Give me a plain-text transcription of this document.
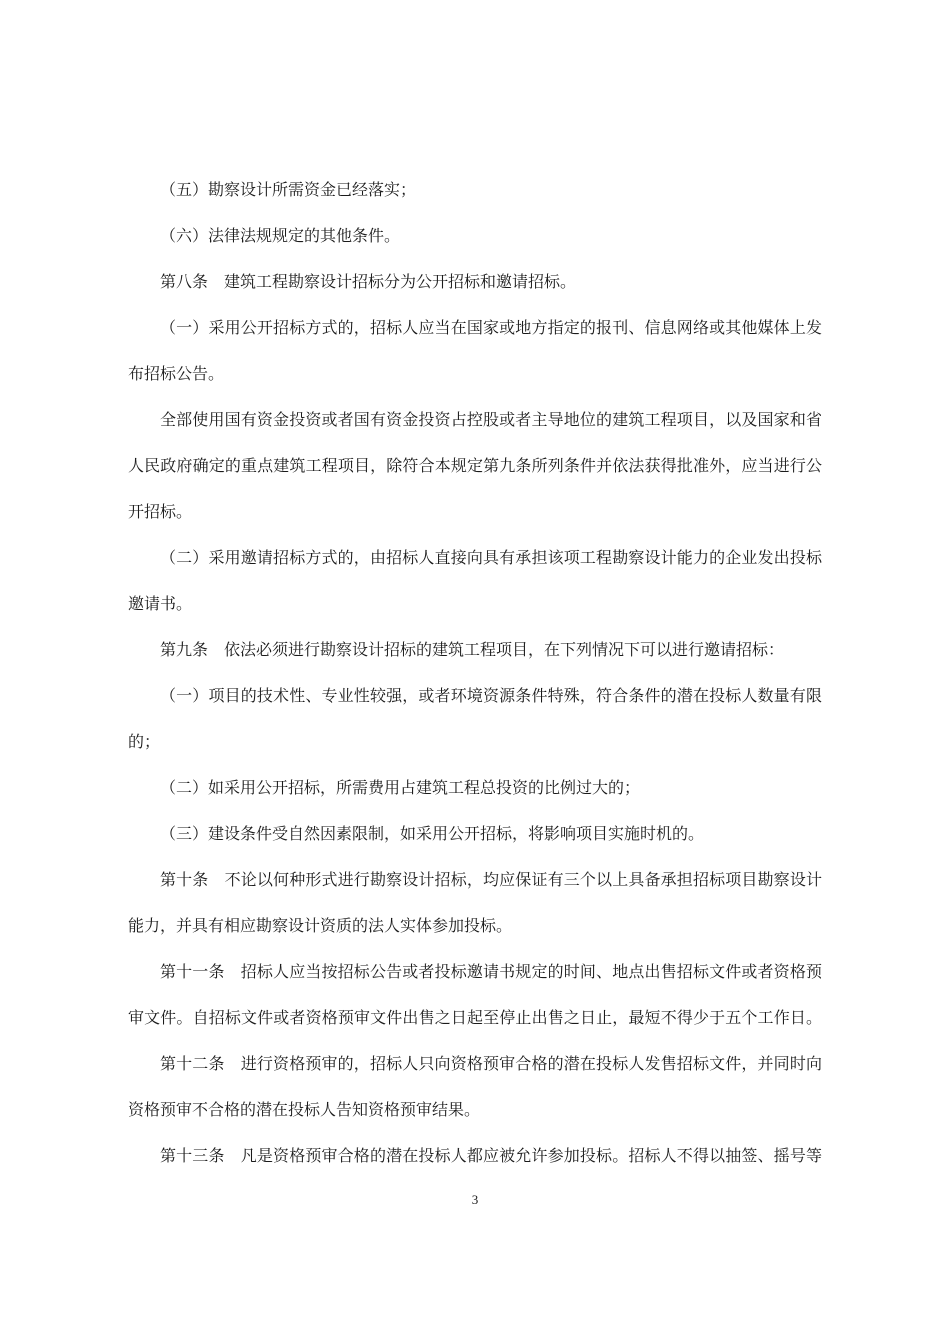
（五）勘察设计所需资金已经落实；
（六）法律法规规定的其他条件。
第八条　建筑工程勘察设计招标分为公开招标和邀请招标。
（一）采用公开招标方式的，招标人应当在国家或地方指定的报刊、信息网络或其他媒体上发
布招标公告。
全部使用国有资金投资或者国有资金投资占控股或者主导地位的建筑工程项目，以及国家和省
人民政府确定的重点建筑工程项目，除符合本规定第九条所列条件并依法获得批准外，应当进行公
开招标。
（二）采用邀请招标方式的，由招标人直接向具有承担该项工程勘察设计能力的企业发出投标
邀请书。
第九条　依法必须进行勘察设计招标的建筑工程项目，在下列情况下可以进行邀请招标：
（一）项目的技术性、专业性较强，或者环境资源条件特殊，符合条件的潜在投标人数量有限
的；
（二）如采用公开招标，所需费用占建筑工程总投资的比例过大的；
（三）建设条件受自然因素限制，如采用公开招标，将影响项目实施时机的。
第十条　不论以何种形式进行勘察设计招标，均应保证有三个以上具备承担招标项目勘察设计
能力，并具有相应勘察设计资质的法人实体参加投标。
第十一条　招标人应当按招标公告或者投标邀请书规定的时间、地点出售招标文件或者资格预
审文件。自招标文件或者资格预审文件出售之日起至停止出售之日止，最短不得少于五个工作日。
第十二条　进行资格预审的，招标人只向资格预审合格的潜在投标人发售招标文件，并同时向
资格预审不合格的潜在投标人告知资格预审结果。
第十三条　凡是资格预审合格的潜在投标人都应被允许参加投标。招标人不得以抽签、摇号等
3
